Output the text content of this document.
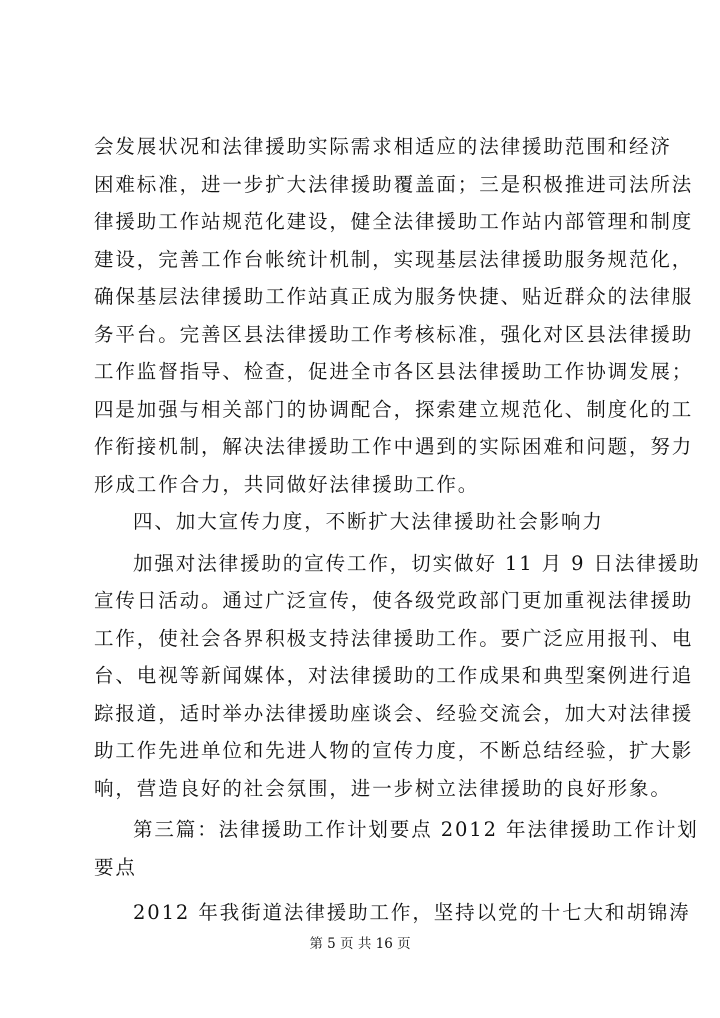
会发展状况和法律援助实际需求相适应的法律援助范围和经济
困难标准，进一步扩大法律援助覆盖面；三是积极推进司法所法
律援助工作站规范化建设，健全法律援助工作站内部管理和制度
建设，完善工作台帐统计机制，实现基层法律援助服务规范化，
确保基层法律援助工作站真正成为服务快捷、贴近群众的法律服
务平台。完善区县法律援助工作考核标准，强化对区县法律援助
工作监督指导、检查，促进全市各区县法律援助工作协调发展；
四是加强与相关部门的协调配合，探索建立规范化、制度化的工
作衔接机制，解决法律援助工作中遇到的实际困难和问题，努力
形成工作合力，共同做好法律援助工作。
四、加大宣传力度，不断扩大法律援助社会影响力
加强对法律援助的宣传工作，切实做好 11 月 9 日法律援助
宣传日活动。通过广泛宣传，使各级党政部门更加重视法律援助
工作，使社会各界积极支持法律援助工作。要广泛应用报刊、电
台、电视等新闻媒体，对法律援助的工作成果和典型案例进行追
踪报道，适时举办法律援助座谈会、经验交流会，加大对法律援
助工作先进单位和先进人物的宣传力度，不断总结经验，扩大影
响，营造良好的社会氛围，进一步树立法律援助的良好形象。
第三篇：法律援助工作计划要点 2012 年法律援助工作计划
要点
2012 年我街道法律援助工作，坚持以党的十七大和胡锦涛
第 5 页 共 16 页
